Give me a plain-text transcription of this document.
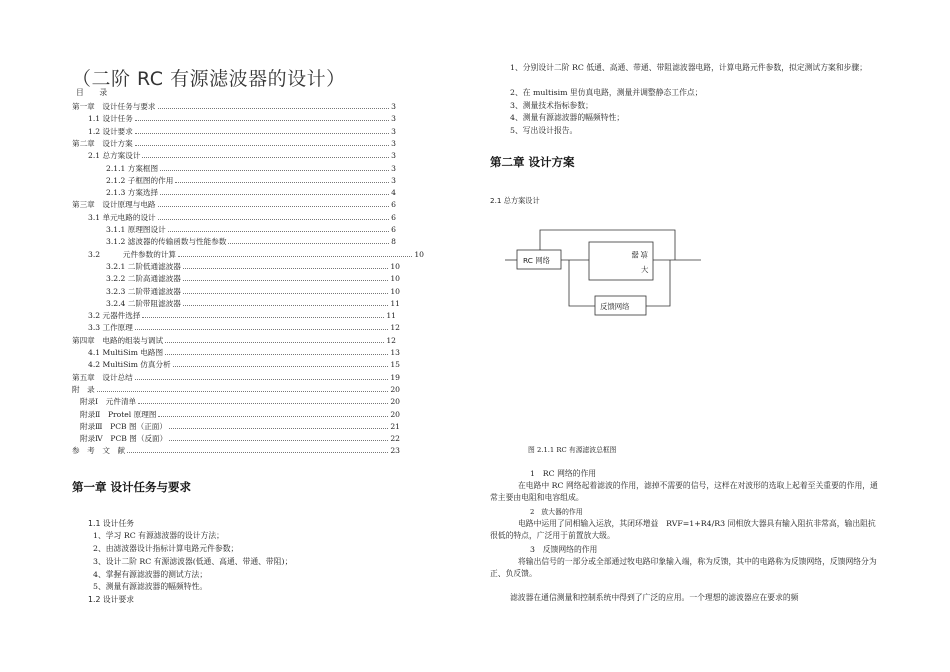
（二阶 RC 有源滤波器的设计）
目　　录
第一章　设计任务与要求	3
1.1 设计任务	3
1.2 设计要求	3
第二章　设计方案	3
2.1 总方案设计	3
2.1.1 方案框图	3
2.1.2 子框图的作用	3
2.1.3 方案选择	4
第三章　设计原理与电路	6
3.1 单元电路的设计	6
3.1.1 原理图设计	6
3.1.2 滤波器的传输函数与性能参数	8
3.2　　　元件参数的计算	10
3.2.1 二阶低通滤波器	10
3.2.2 二阶高通滤波器	10
3.2.3 二阶带通滤波器	10
3.2.4 二阶带阻滤波器	11
3.2 元器件选择	11
3.3 工作原理	12
第四章　电路的组装与调试	12
4.1 MultiSim 电路图	13
4.2 MultiSim 仿真分析	15
第五章　设计总结	19
附　录	20
附录Ⅰ　元件清单	20
附录Ⅱ　Protel 原理图	20
附录Ⅲ　PCB 图（正面）	21
附录Ⅳ　PCB 图（反面）	22
参　考　文　献	23
第一章 设计任务与要求
1.1 设计任务
1、学习 RC 有源滤波器的设计方法；
2、由滤波器设计指标计算电路元件参数；
3、设计二阶 RC 有源滤波器(低通、高通、带通、带阻)；
4、掌握有源滤波器的测试方法；
5、测量有源滤波器的幅频特性。
1.2 设计要求
1、分别设计二阶 RC 低通、高通、带通、带阻滤波器电路，计算电路元件参数，拟定测试方案和步骤；
2、在 multisim 里仿真电路，测量并调整静态工作点；
3、测量技术指标参数；
4、测量有源滤波器的幅频特性；
5、写出设计报告。
第二章 设计方案
2.1 总方案设计
RC 网络
放
大
器
反馈网络
图 2.1.1 RC 有源滤波总框图
1　RC 网络的作用
在电路中 RC 网络起着滤波的作用，滤掉不需要的信号，这样在对波形的选取上起着至关重要的作用，通常主要由电阻和电容组成。
2　放大器的作用
电路中运用了同相输入运放，其闭环增益　RVF=1+R4/R3 同相放大器具有输入阻抗非常高，输出阻抗很低的特点，广泛用于前置放大级。
3　反馈网络的作用
将输出信号的一部分或全部通过牧电路印象输入端，称为反馈，其中的电路称为反馈网络，反馈网络分为正、负反馈。
滤波器在通信测量和控制系统中得到了广泛的应用。一个理想的滤波器应在要求的频
